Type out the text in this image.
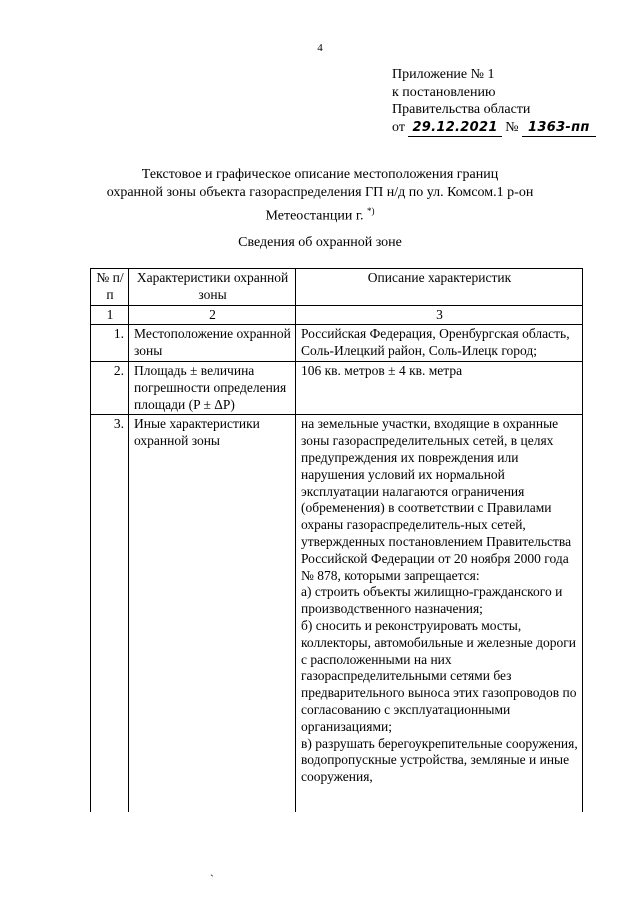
4
Приложение № 1
к постановлению
Правительства области
от 29.12.2021 № 1363-пп
Текстовое и графическое описание местоположения границ
охранной зоны объекта газораспределения ГП н/д по ул. Комсом.1 р-он
Метеостанции г. *)
Сведения об охранной зоне
№ п/п	Характеристики охранной зоны	Описание характеристик
1	2	3
1.	Местоположение охранной зоны	Российская Федерация, Оренбургская область, Соль-Илецкий район, Соль-Илецк город;
2.	Площадь ± величина погрешности определения площади (P ± ΔP)	106 кв. метров ± 4 кв. метра
3.	Иные характеристики охранной зоны	на земельные участки, входящие в охранные зоны газораспределительных сетей, в целях предупреждения их повреждения или нарушения условий их нормальной эксплуатации налагаются ограничения (обременения) в соответствии с Правилами охраны газораспределитель-ных сетей, утвержденных постановлением Правительства Российской Федерации от 20 ноября 2000 года № 878, которыми запрещается:
а) строить объекты жилищно-гражданского и производственного назначения;
б) сносить и реконструировать мосты, коллекторы, автомобильные и железные дороги с расположенными на них газораспределительными сетями без предварительного выноса этих газопроводов по согласованию с эксплуатационными организациями;
в) разрушать берегоукрепительные сооружения, водопропускные устройства, земляные и иные сооружения,
`
